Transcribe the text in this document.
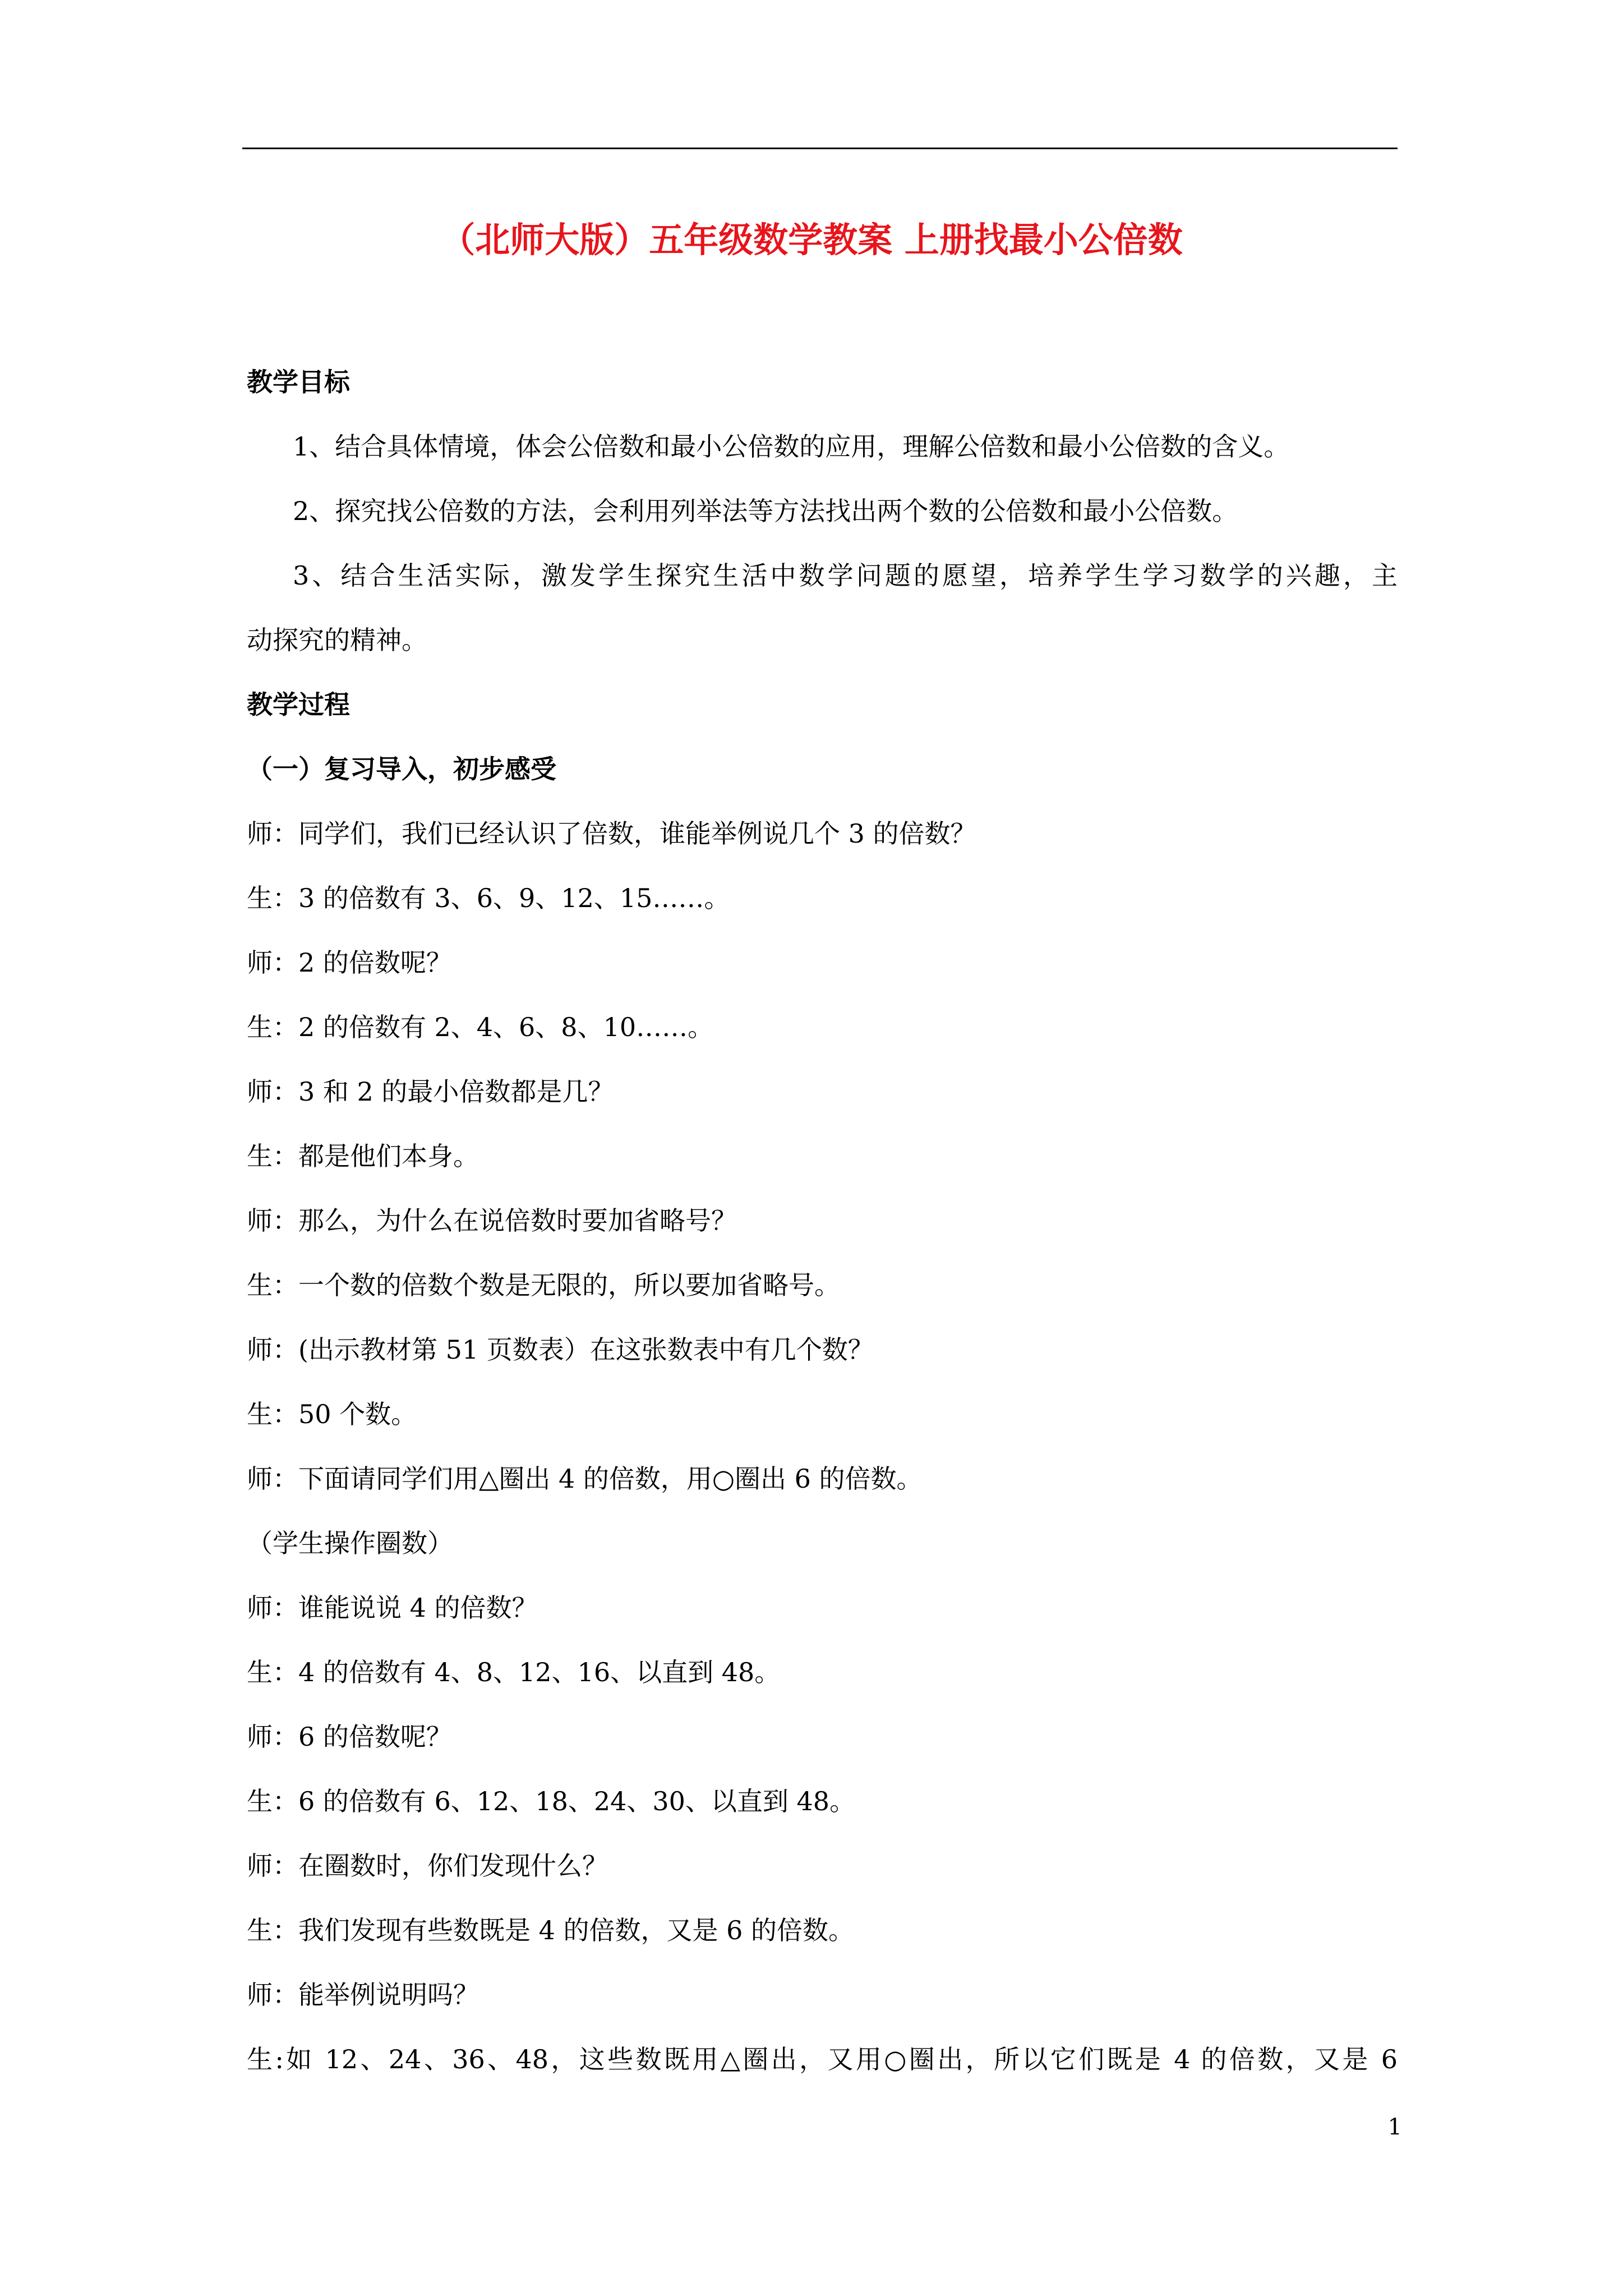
（北师大版）五年级数学教案 上册找最小公倍数
教学目标
1、结合具体情境，体会公倍数和最小公倍数的应用，理解公倍数和最小公倍数的含义。
2、探究找公倍数的方法，会利用列举法等方法找出两个数的公倍数和最小公倍数。
3、结合生活实际，激发学生探究生活中数学问题的愿望，培养学生学习数学的兴趣，主
动探究的精神。
教学过程
（一）复习导入，初步感受
师：同学们，我们已经认识了倍数，谁能举例说几个 3 的倍数？
生：3 的倍数有 3、6、9、12、15……。
师：2 的倍数呢？
生：2 的倍数有 2、4、6、8、10……。
师：3 和 2 的最小倍数都是几？
生：都是他们本身。
师：那么，为什么在说倍数时要加省略号？
生：一个数的倍数个数是无限的，所以要加省略号。
师：(出示教材第 51 页数表）在这张数表中有几个数？
生：50 个数。
师：下面请同学们用△圈出 4 的倍数，用○圈出 6 的倍数。
（学生操作圈数）
师：谁能说说 4 的倍数？
生：4 的倍数有 4、8、12、16、以直到 48。
师：6 的倍数呢？
生：6 的倍数有 6、12、18、24、30、以直到 48。
师：在圈数时，你们发现什么？
生：我们发现有些数既是 4 的倍数，又是 6 的倍数。
师：能举例说明吗？
生:如 12、24、36、48，这些数既用△圈出，又用○圈出，所以它们既是 4 的倍数，又是 6
1
